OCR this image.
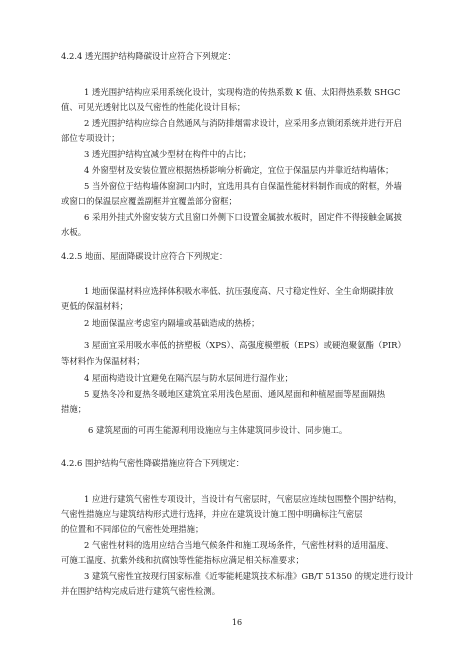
4.2.4 透光围护结构降碳设计应符合下列规定：
1 透光围护结构应采用系统化设计，实现构造的传热系数 K 值、太阳得热系数 SHGC
值、可见光透射比以及气密性的性能化设计目标；
2 透光围护结构应综合自然通风与消防排烟需求设计，应采用多点锁闭系统并进行开启
部位专项设计；
3 透光围护结构宜减少型材在构件中的占比；
4 外窗型材及安装位置应根据热桥影响分析确定，宜位于保温层内并靠近结构墙体；
5 当外窗位于结构墙体窗洞口内时，宜选用具有自保温性能材料制作而成的附框，外墙
或窗口的保温层应覆盖副框并宜覆盖部分窗框；
6 采用外挂式外窗安装方式且窗口外侧下口设置金属披水板时，固定件不得接触金属披
水板。
4.2.5 地面、屋面降碳设计应符合下列规定：
1 地面保温材料应选择体积吸水率低、抗压强度高、尺寸稳定性好、全生命期碳排放
更低的保温材料；
2 地面保温应考虑室内隔墙或基础造成的热桥；
3 屋面宜采用吸水率低的挤塑板（XPS）、高强度模塑板（EPS）或硬泡聚氨酯（PIR）
等材料作为保温材料；
4 屋面构造设计宜避免在隔汽层与防水层间进行湿作业；
5 夏热冬冷和夏热冬暖地区建筑宜采用浅色屋面、通风屋面和种植屋面等屋面隔热
措施；
6 建筑屋面的可再生能源利用设施应与主体建筑同步设计、同步施工。
4.2.6 围护结构气密性降碳措施应符合下列规定：
1 应进行建筑气密性专项设计，当设计有气密层时，气密层应连续包围整个围护结构，
气密性措施应与建筑结构形式进行选择，并应在建筑设计施工图中明确标注气密层
的位置和不同部位的气密性处理措施；
2 气密性材料的选用应结合当地气候条件和施工现场条件，气密性材料的适用温度、
可施工温度、抗紫外线和抗腐蚀等性能指标应满足相关标准要求；
3 建筑气密性宜按现行国家标准《近零能耗建筑技术标准》GB/T 51350 的规定进行设计
并在围护结构完成后进行建筑气密性检测。
16
